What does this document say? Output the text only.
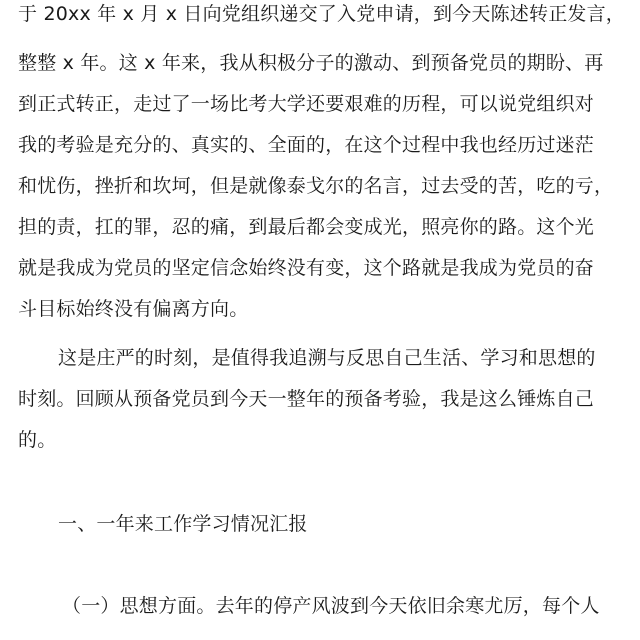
于 20xx 年 x 月 x 日向党组织递交了入党申请，到今天陈述转正发言，
整整 x 年。这 x 年来，我从积极分子的激动、到预备党员的期盼、再
到正式转正，走过了一场比考大学还要艰难的历程，可以说党组织对
我的考验是充分的、真实的、全面的，在这个过程中我也经历过迷茫
和忧伤，挫折和坎坷，但是就像泰戈尔的名言，过去受的苦，吃的亏，
担的责，扛的罪，忍的痛，到最后都会变成光，照亮你的路。这个光
就是我成为党员的坚定信念始终没有变，这个路就是我成为党员的奋
斗目标始终没有偏离方向。
这是庄严的时刻，是值得我追溯与反思自己生活、学习和思想的
时刻。回顾从预备党员到今天一整年的预备考验，我是这么锤炼自己
的。
一、一年来工作学习情况汇报
（一）思想方面。去年的停产风波到今天依旧余寒尤厉，每个人
